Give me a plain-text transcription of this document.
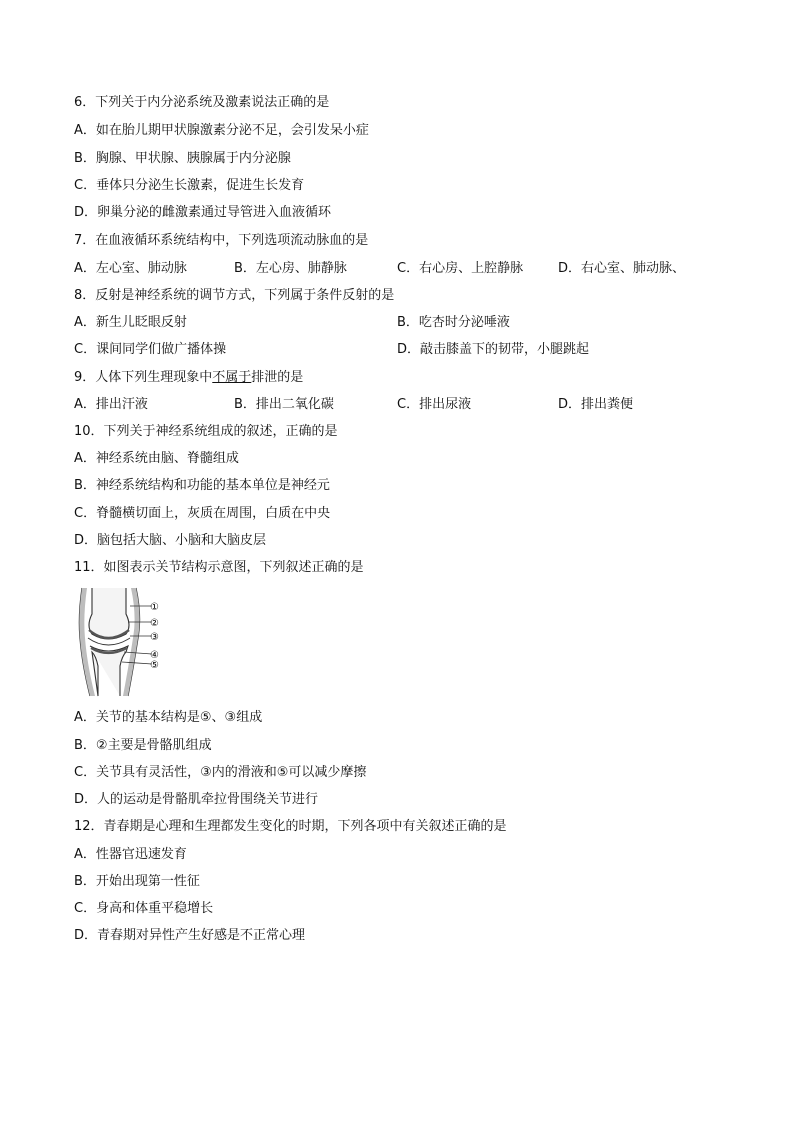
6．下列关于内分泌系统及激素说法正确的是
A．如在胎儿期甲状腺激素分泌不足，会引发呆小症
B．胸腺、甲状腺、胰腺属于内分泌腺
C．垂体只分泌生长激素，促进生长发育
D．卵巢分泌的雌激素通过导管进入血液循环
7．在血液循环系统结构中，下列选项流动脉血的是
A．左心室、肺动脉	B．左心房、肺静脉	C．右心房、上腔静脉	D．右心室、肺动脉、
8．反射是神经系统的调节方式，下列属于条件反射的是
A．新生儿眨眼反射	B．吃杏时分泌唾液
C．课间同学们做广播体操	D．敲击膝盖下的韧带，小腿跳起
9．人体下列生理现象中不属于排泄的是
A．排出汗液	B．排出二氧化碳	C．排出尿液	D．排出粪便
10．下列关于神经系统组成的叙述，正确的是
A．神经系统由脑、脊髓组成
B．神经系统结构和功能的基本单位是神经元
C．脊髓横切面上，灰质在周围，白质在中央
D．脑包括大脑、小脑和大脑皮层
11．如图表示关节结构示意图，下列叙述正确的是
①
②
③
④
⑤
A．关节的基本结构是⑤、③组成
B．②主要是骨骼肌组成
C．关节具有灵活性，③内的滑液和⑤可以减少摩擦
D．人的运动是骨骼肌牵拉骨围绕关节进行
12．青春期是心理和生理都发生变化的时期，下列各项中有关叙述正确的是
A．性器官迅速发育
B．开始出现第一性征
C．身高和体重平稳增长
D．青春期对异性产生好感是不正常心理
